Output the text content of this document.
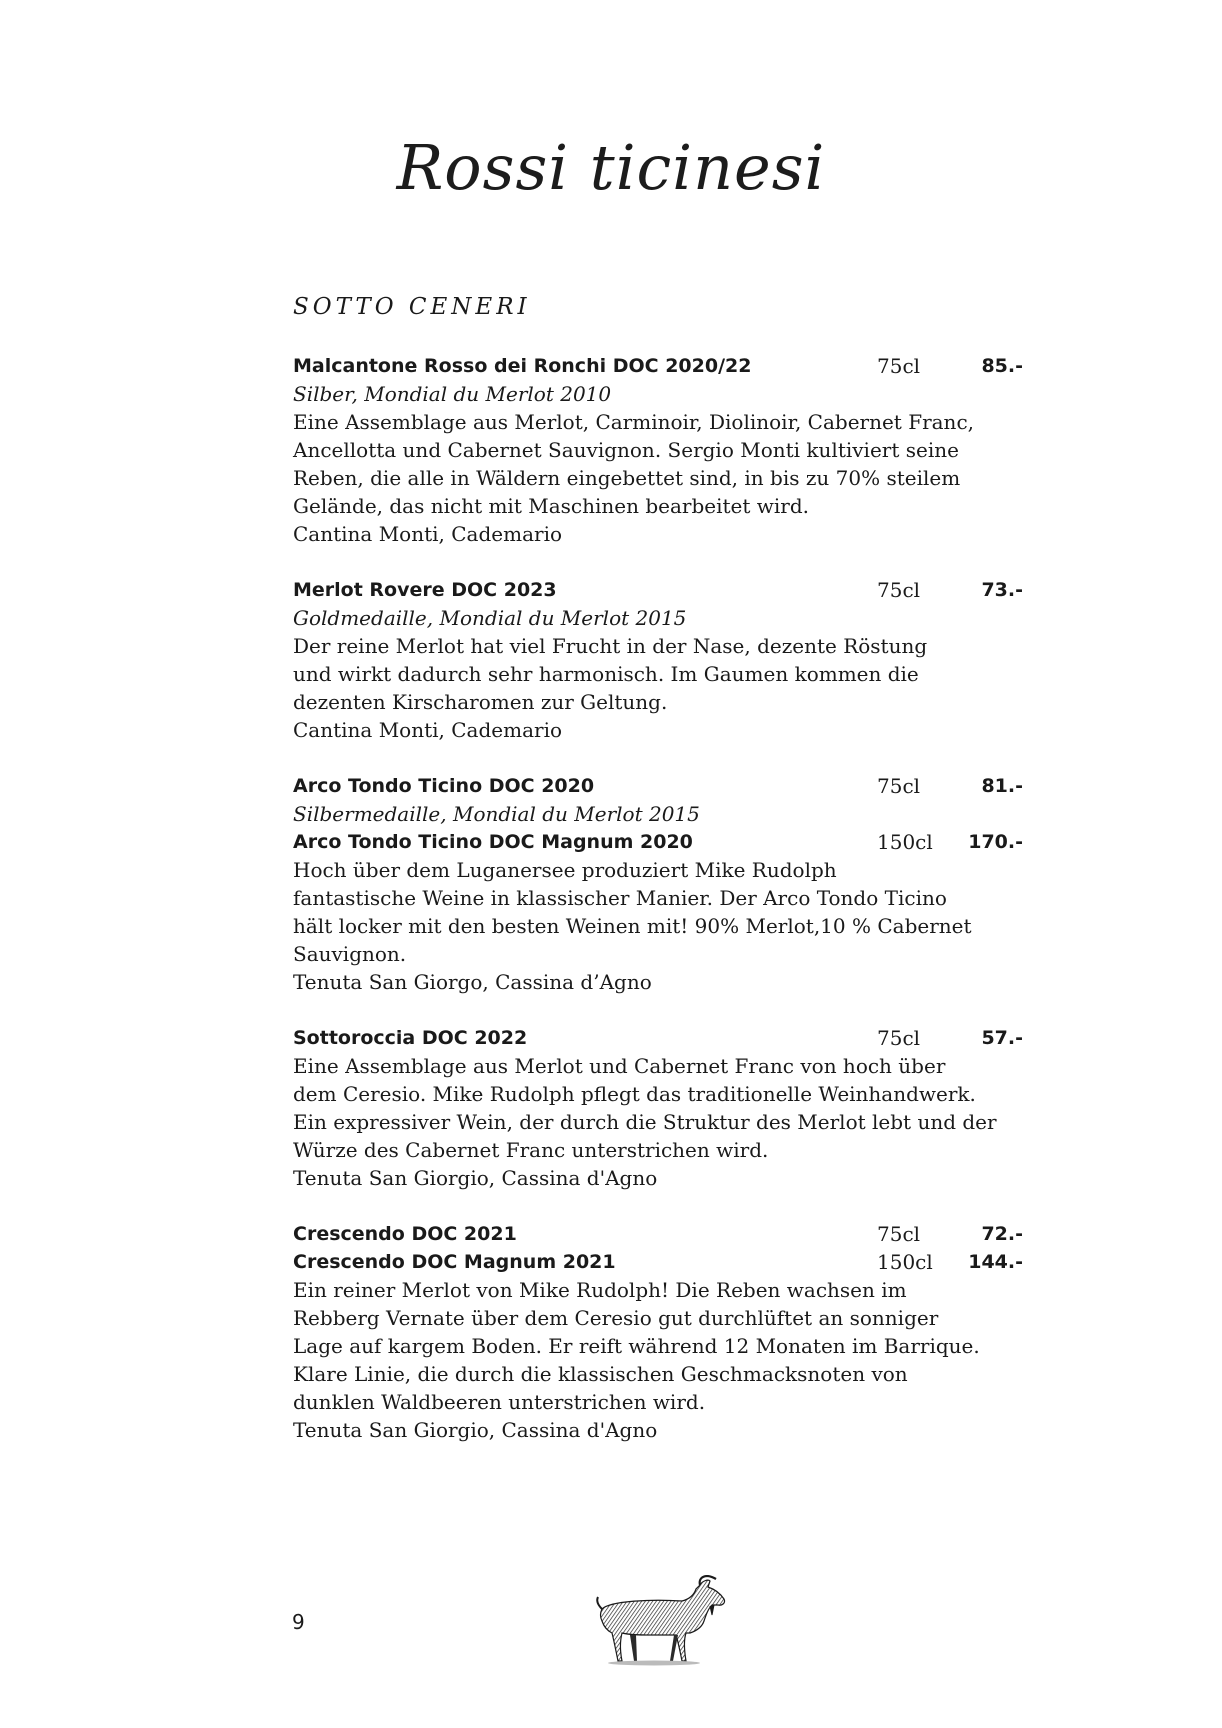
Rossi ticinesi
SOTTO CENERI
Malcantone Rosso dei Ronchi DOC 2020/22	75cl	85.-
Silber, Mondial du Merlot 2010
Eine Assemblage aus Merlot, Carminoir, Diolinoir, Cabernet Franc,
Ancellotta und Cabernet Sauvignon. Sergio Monti kultiviert seine
Reben, die alle in Wäldern eingebettet sind, in bis zu 70% steilem
Gelände, das nicht mit Maschinen bearbeitet wird.
Cantina Monti, Cademario
Merlot Rovere DOC 2023	75cl	73.-
Goldmedaille, Mondial du Merlot 2015
Der reine Merlot hat viel Frucht in der Nase, dezente Röstung
und wirkt dadurch sehr harmonisch. Im Gaumen kommen die
dezenten Kirscharomen zur Geltung.
Cantina Monti, Cademario
Arco Tondo Ticino DOC 2020	75cl	81.-
Silbermedaille, Mondial du Merlot 2015
Arco Tondo Ticino DOC Magnum 2020	150cl 170.-
Hoch über dem Luganersee produziert Mike Rudolph
fantastische Weine in klassischer Manier. Der Arco Tondo Ticino
hält locker mit den besten Weinen mit! 90% Merlot,10 % Cabernet
Sauvignon.
Tenuta San Giorgo, Cassina d’Agno
Sottoroccia DOC 2022	75cl	57.-
Eine Assemblage aus Merlot und Cabernet Franc von hoch über
dem Ceresio. Mike Rudolph pflegt das traditionelle Weinhandwerk.
Ein expressiver Wein, der durch die Struktur des Merlot lebt und der
Würze des Cabernet Franc unterstrichen wird.
Tenuta San Giorgio, Cassina d'Agno
Crescendo DOC 2021	75cl	72.-
Crescendo DOC Magnum 2021	150cl 144.-
Ein reiner Merlot von Mike Rudolph! Die Reben wachsen im
Rebberg Vernate über dem Ceresio gut durchlüftet an sonniger
Lage auf kargem Boden. Er reift während 12 Monaten im Barrique.
Klare Linie, die durch die klassischen Geschmacksnoten von
dunklen Waldbeeren unterstrichen wird.
Tenuta San Giorgio, Cassina d'Agno
9
